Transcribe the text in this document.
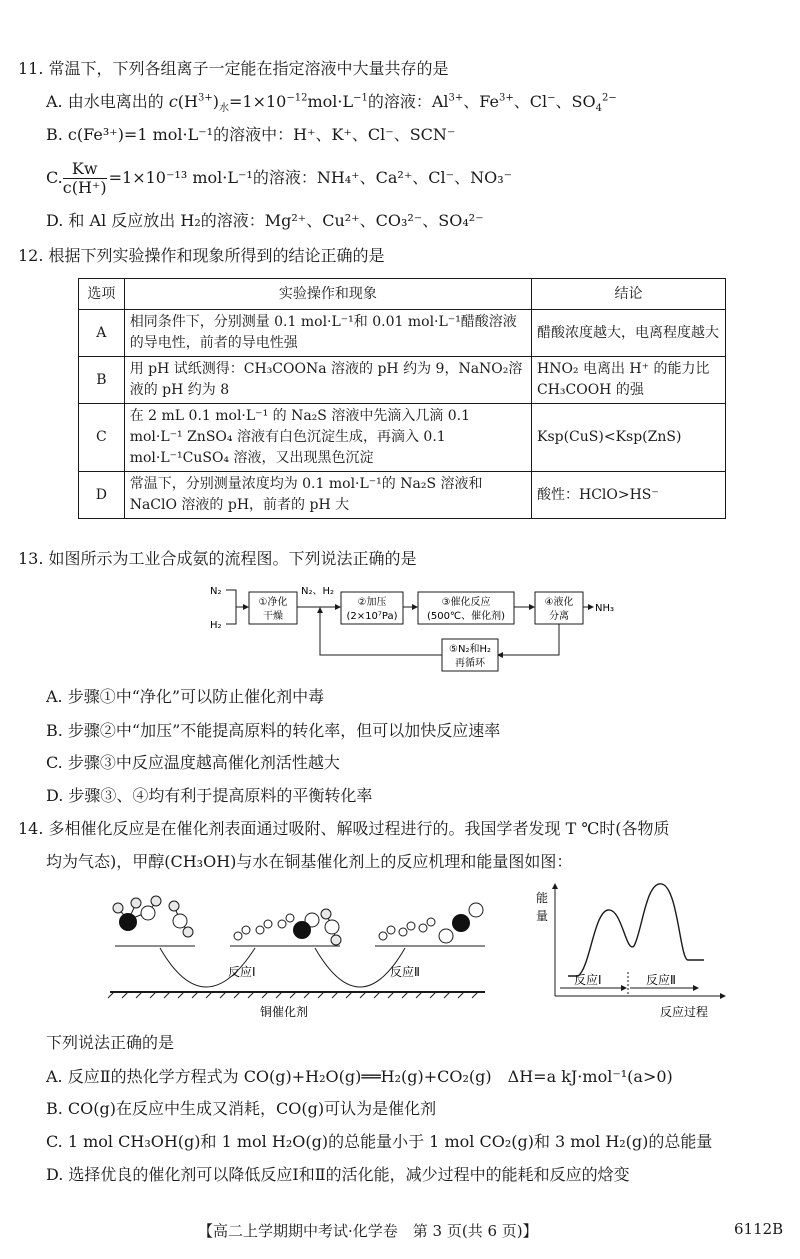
11. 常温下，下列各组离子一定能在指定溶液中大量共存的是
A. 由水电离出的 $c(H^{3+})_水=1\times 10^{-12}mol\cdot L^{-1}$的溶液：$Al^{3+}$、$Fe^{3+}$、Cl−、$SO_4^{2-}$
B. c(Fe³⁺)=1 mol·L⁻¹的溶液中：H⁺、K⁺、Cl⁻、SCN⁻
C. $\frac{Kw}{c(H^+)} =1\times 10^{-13}$ mol·L⁻¹的溶液：NH₄⁺、Ca²⁺、Cl⁻、NO₃⁻
D. 和 Al 反应放出 H₂的溶液：Mg²⁺、Cu²⁺、CO₃²⁻、SO₄²⁻
12. 根据下列实验操作和现象所得到的结论正确的是
选项	实验操作和现象	结论
A	相同条件下，分别测量 0.1 mol·L⁻¹和 0.01 mol·L⁻¹醋酸溶液的导电性，前者的导电性强	醋酸浓度越大，电离程度越大
B	用 pH 试纸测得：CH₃COONa 溶液的 pH 约为 9，NaNO₂溶液的 pH 约为 8	HNO₂ 电离出 H⁺ 的能力比 CH₃COOH 的强
C	在 2 mL 0.1 mol·L⁻¹ 的 Na₂S 溶液中先滴入几滴 0.1 mol·L⁻¹ ZnSO₄ 溶液有白色沉淀生成，再滴入 0.1 mol·L⁻¹CuSO₄ 溶液，又出现黑色沉淀	Ksp(CuS)<Ksp(ZnS)
D	常温下，分别测量浓度均为 0.1 mol·L⁻¹的 Na₂S 溶液和 NaClO 溶液的 pH，前者的 pH 大	酸性：HClO>HS⁻
13. 如图所示为工业合成氨的流程图。下列说法正确的是
N₂
H₂
①净化
干燥
N₂、H₂
②加压
(2×10⁷Pa)
③催化反应
(500℃、催化剂)
④液化
分离
NH₃
⑤N₂和H₂
再循环
A. 步骤①中“净化”可以防止催化剂中毒
B. 步骤②中“加压”不能提高原料的转化率，但可以加快反应速率
C. 步骤③中反应温度越高催化剂活性越大
D. 步骤③、④均有利于提高原料的平衡转化率
14. 多相催化反应是在催化剂表面通过吸附、解吸过程进行的。我国学者发现 T ℃时(各物质
均为气态)，甲醇(CH₃OH)与水在铜基催化剂上的反应机理和能量图如图：
反应Ⅰ	反应Ⅱ
铜催化剂
能
量
反应Ⅰ	反应Ⅱ
反应过程
下列说法正确的是
A. 反应Ⅱ的热化学方程式为 CO(g)+H₂O(g)══H₂(g)+CO₂(g)　ΔH=a kJ·mol⁻¹(a>0)
B. CO(g)在反应中生成又消耗，CO(g)可认为是催化剂
C. 1 mol CH₃OH(g)和 1 mol H₂O(g)的总能量小于 1 mol CO₂(g)和 3 mol H₂(g)的总能量
D. 选择优良的催化剂可以降低反应Ⅰ和Ⅱ的活化能，减少过程中的能耗和反应的焓变
【高二上学期期中考试·化学卷　第 3 页(共 6 页)】	6112B
